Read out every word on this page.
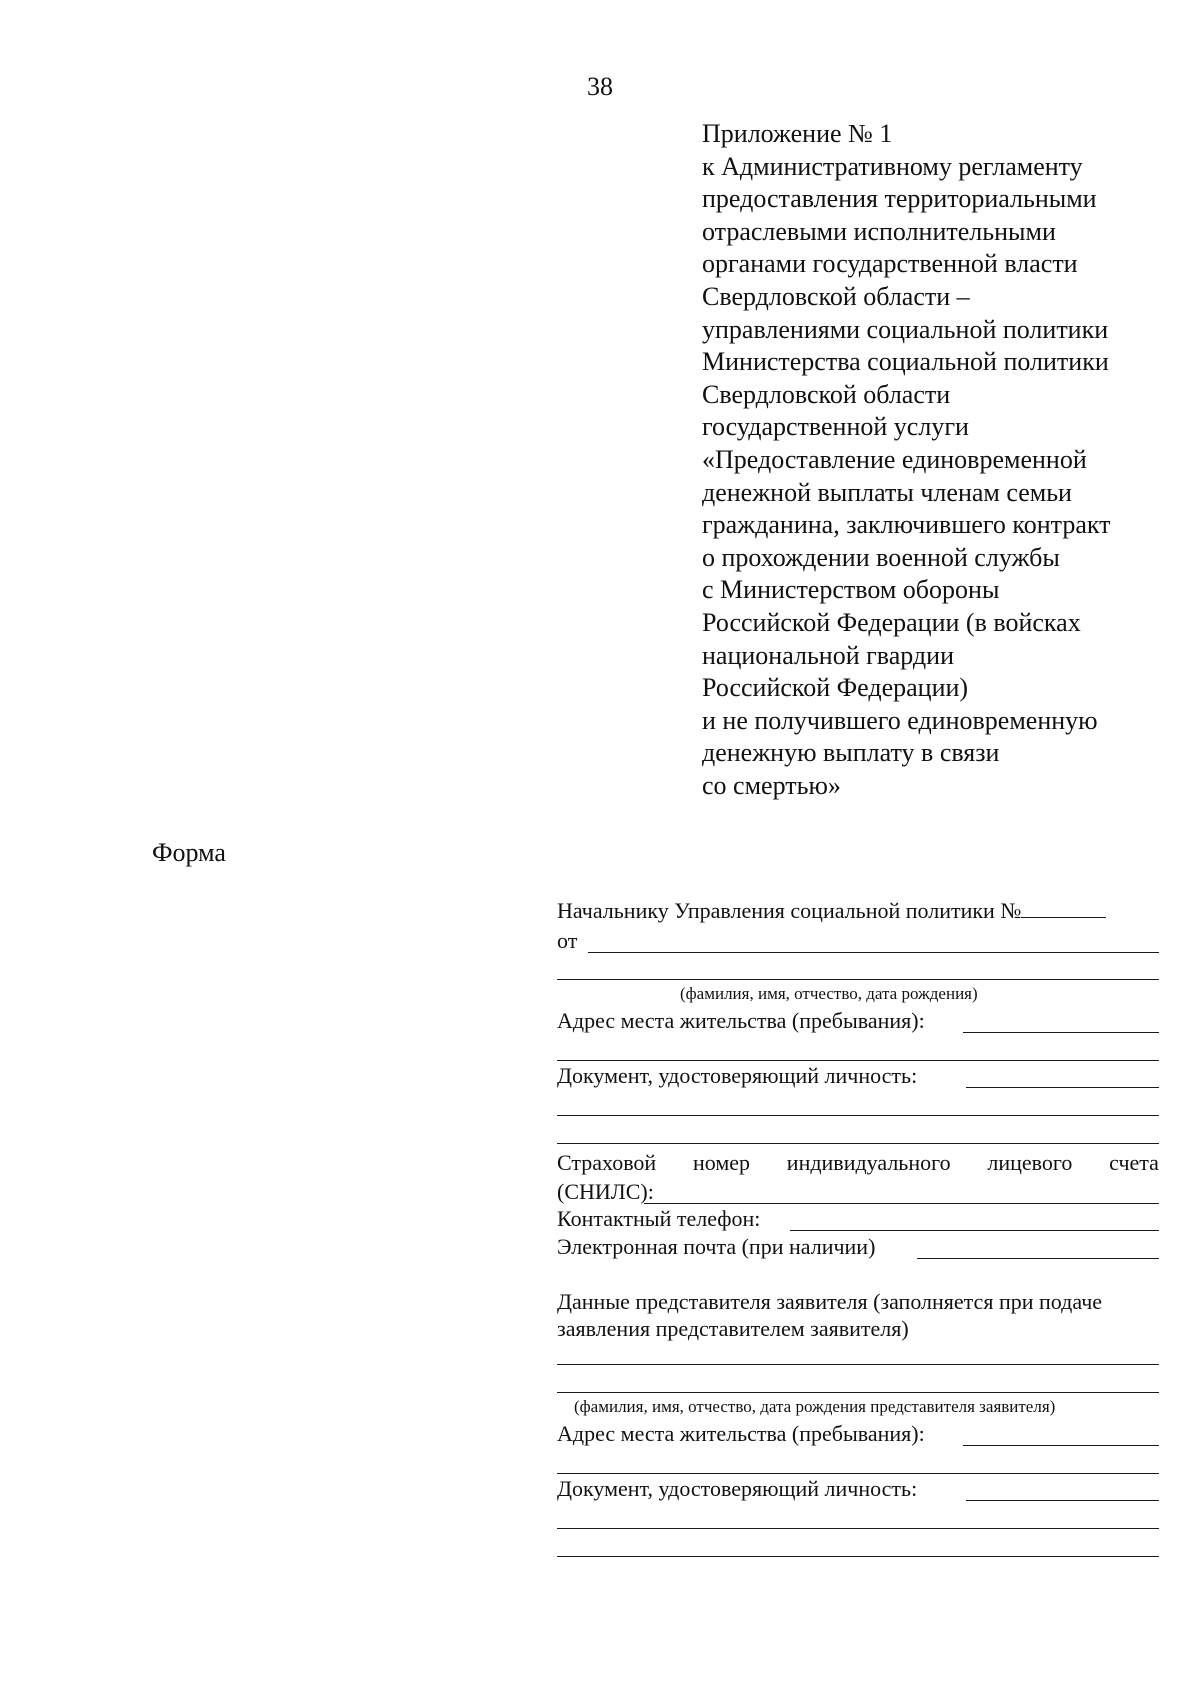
38
Приложение № 1
к Административному регламенту
предоставления территориальными
отраслевыми исполнительными
органами государственной власти
Свердловской области –
управлениями социальной политики
Министерства социальной политики
Свердловской области
государственной услуги
«Предоставление единовременной
денежной выплаты членам семьи
гражданина, заключившего контракт
о прохождении военной службы
с Министерством обороны
Российской Федерации (в войсках
национальной гвардии
Российской Федерации)
и не получившего единовременную
денежную выплату в связи
со смертью»
Форма
Начальнику Управления социальной политики №
от
(фамилия, имя, отчество, дата рождения)
Адрес места жительства (пребывания):
Документ, удостоверяющий личность:
Страховой номер индивидуального лицевого счета
(СНИЛС):
Контактный телефон:
Электронная почта (при наличии)
Данные представителя заявителя (заполняется при подаче
заявления представителем заявителя)
(фамилия, имя, отчество, дата рождения представителя заявителя)
Адрес места жительства (пребывания):
Документ, удостоверяющий личность:
